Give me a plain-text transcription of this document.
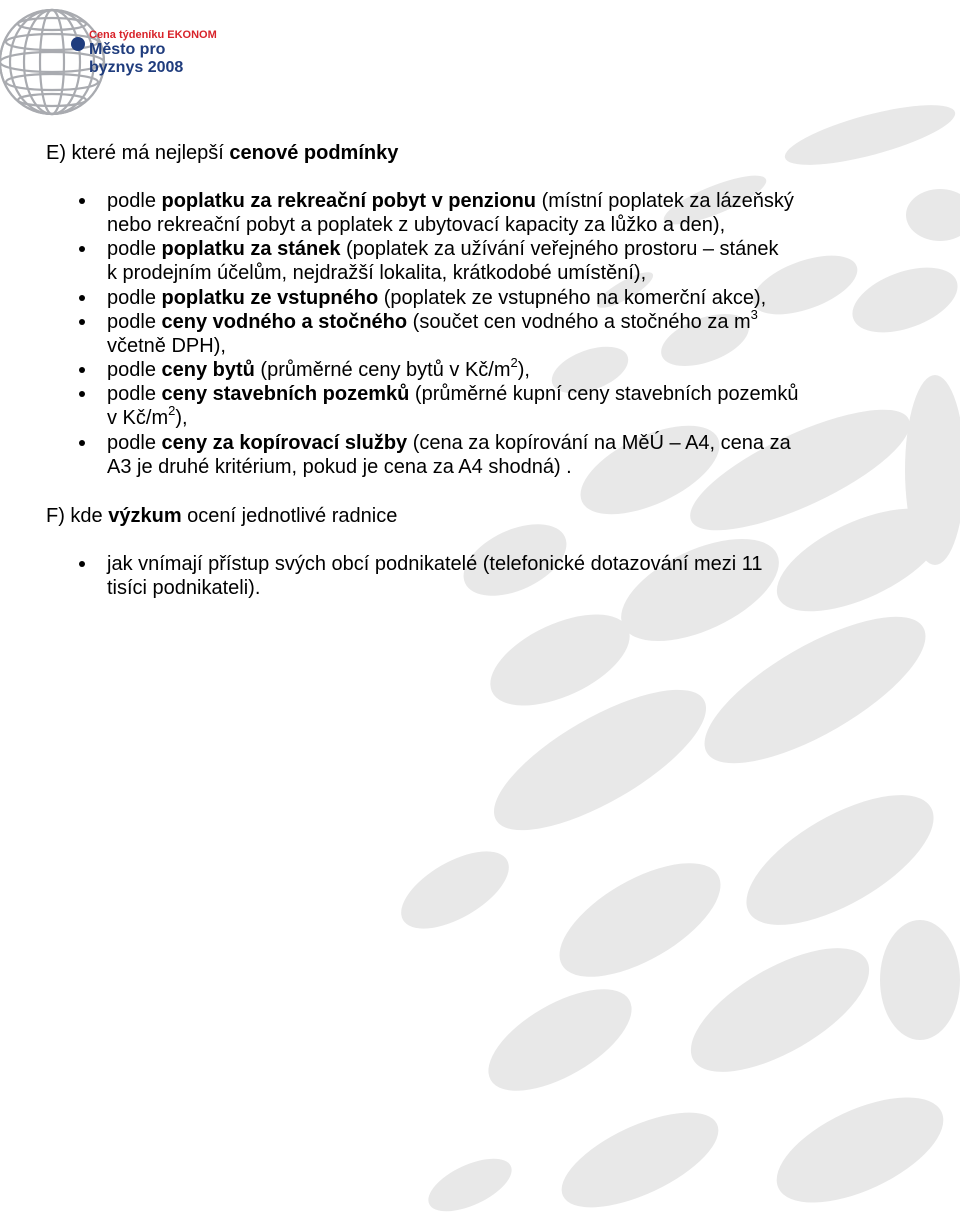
Cena týdeníku EKONOM
Město pro
byznys 2008

E) které má nejlepší cenové podmínky

podle poplatku za rekreační pobyt v penzionu (místní poplatek za lázeňský
nebo rekreační pobyt a poplatek z ubytovací kapacity za lůžko a den),
podle poplatku za stánek (poplatek za užívání veřejného prostoru – stánek
k prodejním účelům, nejdražší lokalita, krátkodobé umístění),
podle poplatku ze vstupného (poplatek ze vstupného na komerční akce),
podle ceny vodného a stočného (součet cen vodného a stočného za $m^3$
včetně DPH),
podle ceny bytů (průměrné ceny bytů v $Kč/m^2$),
podle ceny stavebních pozemků (průměrné kupní ceny stavebních pozemků
v $Kč/m^2$),
podle ceny za kopírovací služby (cena za kopírování na MěÚ – A4, cena za
A3 je druhé kritérium, pokud je cena za A4 shodná) .

F) kde výzkum ocení jednotlivé radnice

jak vnímají přístup svých obcí podnikatelé (telefonické dotazování mezi 11
tisíci podnikateli).
